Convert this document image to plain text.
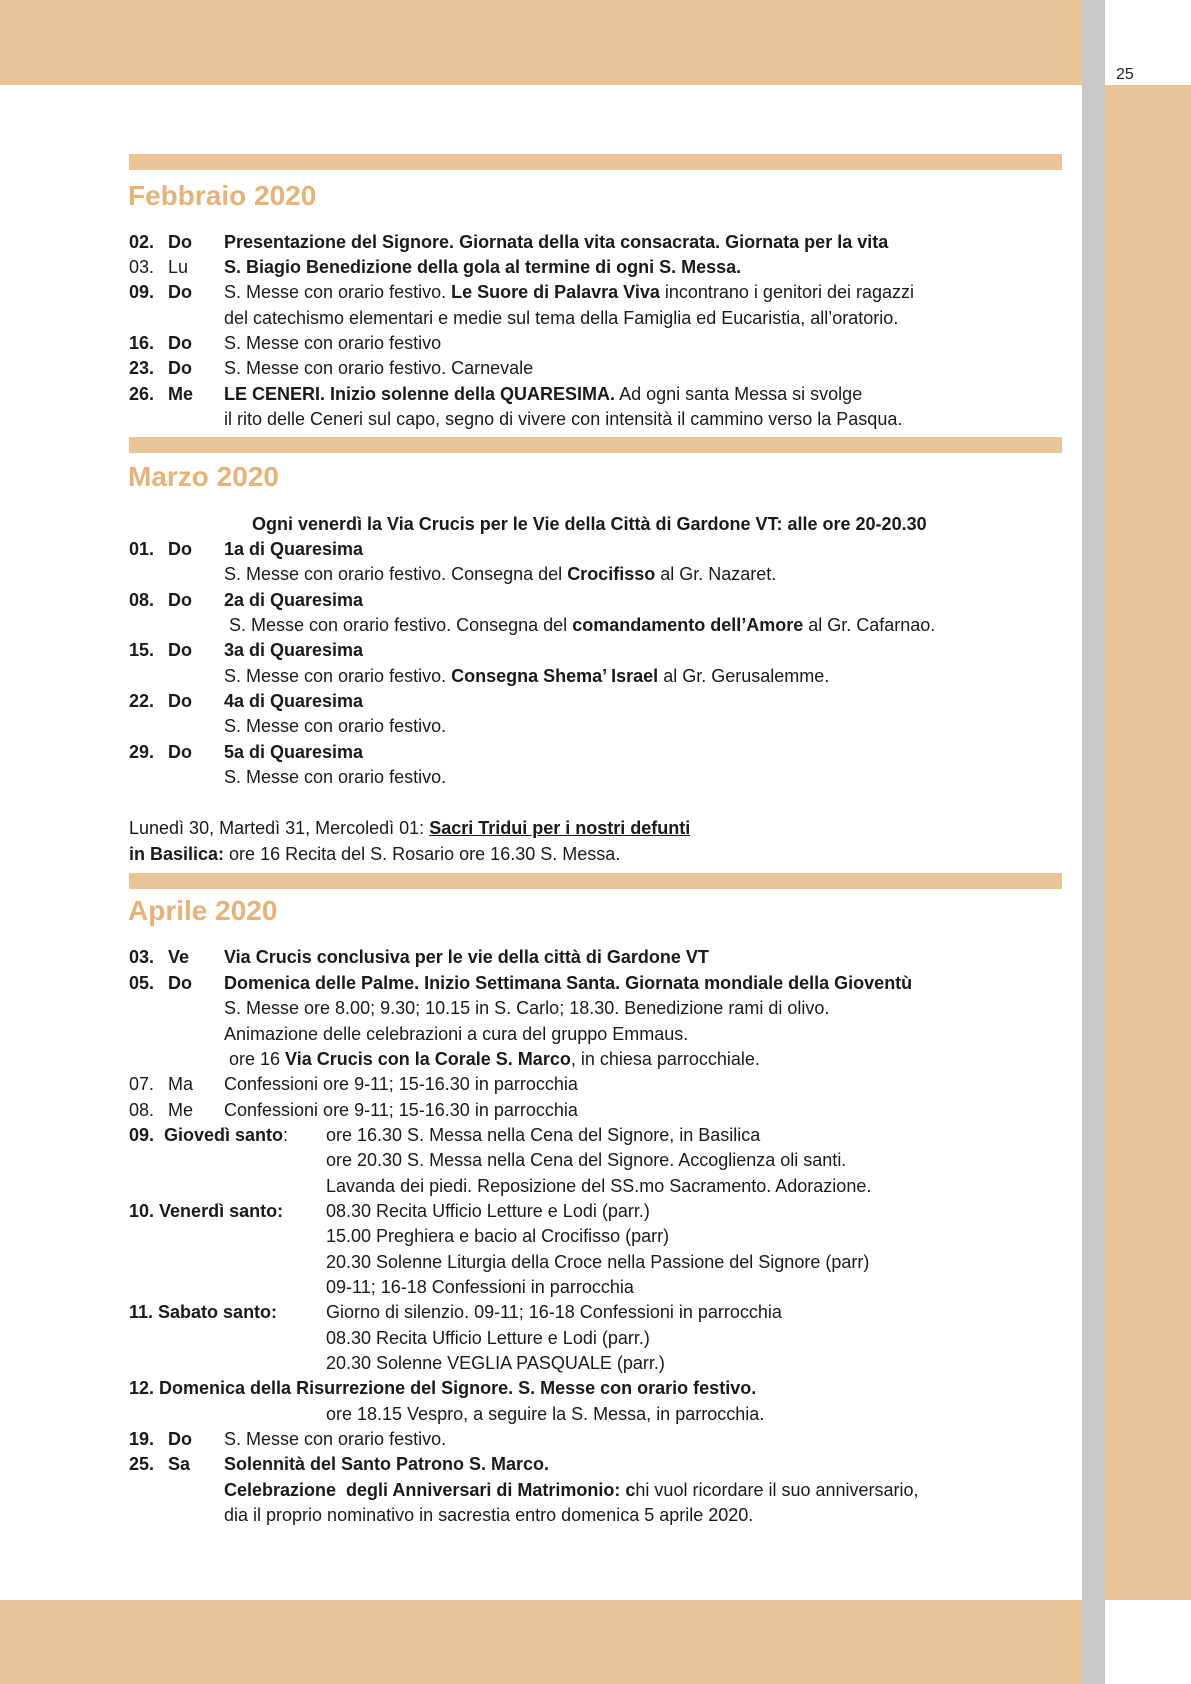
25
Febbraio 2020
02. Do Presentazione del Signore. Giornata della vita consacrata. Giornata per la vita
03. Lu S. Biagio Benedizione della gola al termine di ogni S. Messa.
09. Do S. Messe con orario festivo. Le Suore di Palavra Viva incontrano i genitori dei ragazzi
del catechismo elementari e medie sul tema della Famiglia ed Eucaristia, all’oratorio.
16. Do S. Messe con orario festivo
23. Do S. Messe con orario festivo. Carnevale
26. Me LE CENERI. Inizio solenne della QUARESIMA. Ad ogni santa Messa si svolge
il rito delle Ceneri sul capo, segno di vivere con intensità il cammino verso la Pasqua.
Marzo 2020
Ogni venerdì la Via Crucis per le Vie della Città di Gardone VT: alle ore 20-20.30
01. Do 1a di Quaresima
S. Messe con orario festivo. Consegna del Crocifisso al Gr. Nazaret.
08. Do 2a di Quaresima
S. Messe con orario festivo. Consegna del comandamento dell’Amore al Gr. Cafarnao.
15. Do 3a di Quaresima
S. Messe con orario festivo. Consegna Shema’ Israel al Gr. Gerusalemme.
22. Do 4a di Quaresima
S. Messe con orario festivo.
29. Do 5a di Quaresima
S. Messe con orario festivo.
Lunedì 30, Martedì 31, Mercoledì 01: Sacri Tridui per i nostri defunti
in Basilica: ore 16 Recita del S. Rosario ore 16.30 S. Messa.
Aprile 2020
03. Ve Via Crucis conclusiva per le vie della città di Gardone VT
05. Do Domenica delle Palme. Inizio Settimana Santa. Giornata mondiale della Gioventù
S. Messe ore 8.00; 9.30; 10.15 in S. Carlo; 18.30. Benedizione rami di olivo.
Animazione delle celebrazioni a cura del gruppo Emmaus.
ore 16 Via Crucis con la Corale S. Marco, in chiesa parrocchiale.
07. Ma Confessioni ore 9-11; 15-16.30 in parrocchia
08. Me Confessioni ore 9-11; 15-16.30 in parrocchia
09.  Giovedì santo: ore 16.30 S. Messa nella Cena del Signore, in Basilica
ore 20.30 S. Messa nella Cena del Signore. Accoglienza oli santi.
Lavanda dei piedi. Reposizione del SS.mo Sacramento. Adorazione.
10. Venerdì santo: 08.30 Recita Ufficio Letture e Lodi (parr.)
15.00 Preghiera e bacio al Crocifisso (parr)
20.30 Solenne Liturgia della Croce nella Passione del Signore (parr)
09-11; 16-18 Confessioni in parrocchia
11. Sabato santo:	Giorno di silenzio. 09-11; 16-18 Confessioni in parrocchia
08.30 Recita Ufficio Letture e Lodi (parr.)
20.30 Solenne VEGLIA PASQUALE (parr.)
12. Domenica della Risurrezione del Signore. S. Messe con orario festivo.
ore 18.15 Vespro, a seguire la S. Messa, in parrocchia.
19. Do S. Messe con orario festivo.
25. Sa Solennità del Santo Patrono S. Marco.
Celebrazione  degli Anniversari di Matrimonio: chi vuol ricordare il suo anniversario,
dia il proprio nominativo in sacrestia entro domenica 5 aprile 2020.
